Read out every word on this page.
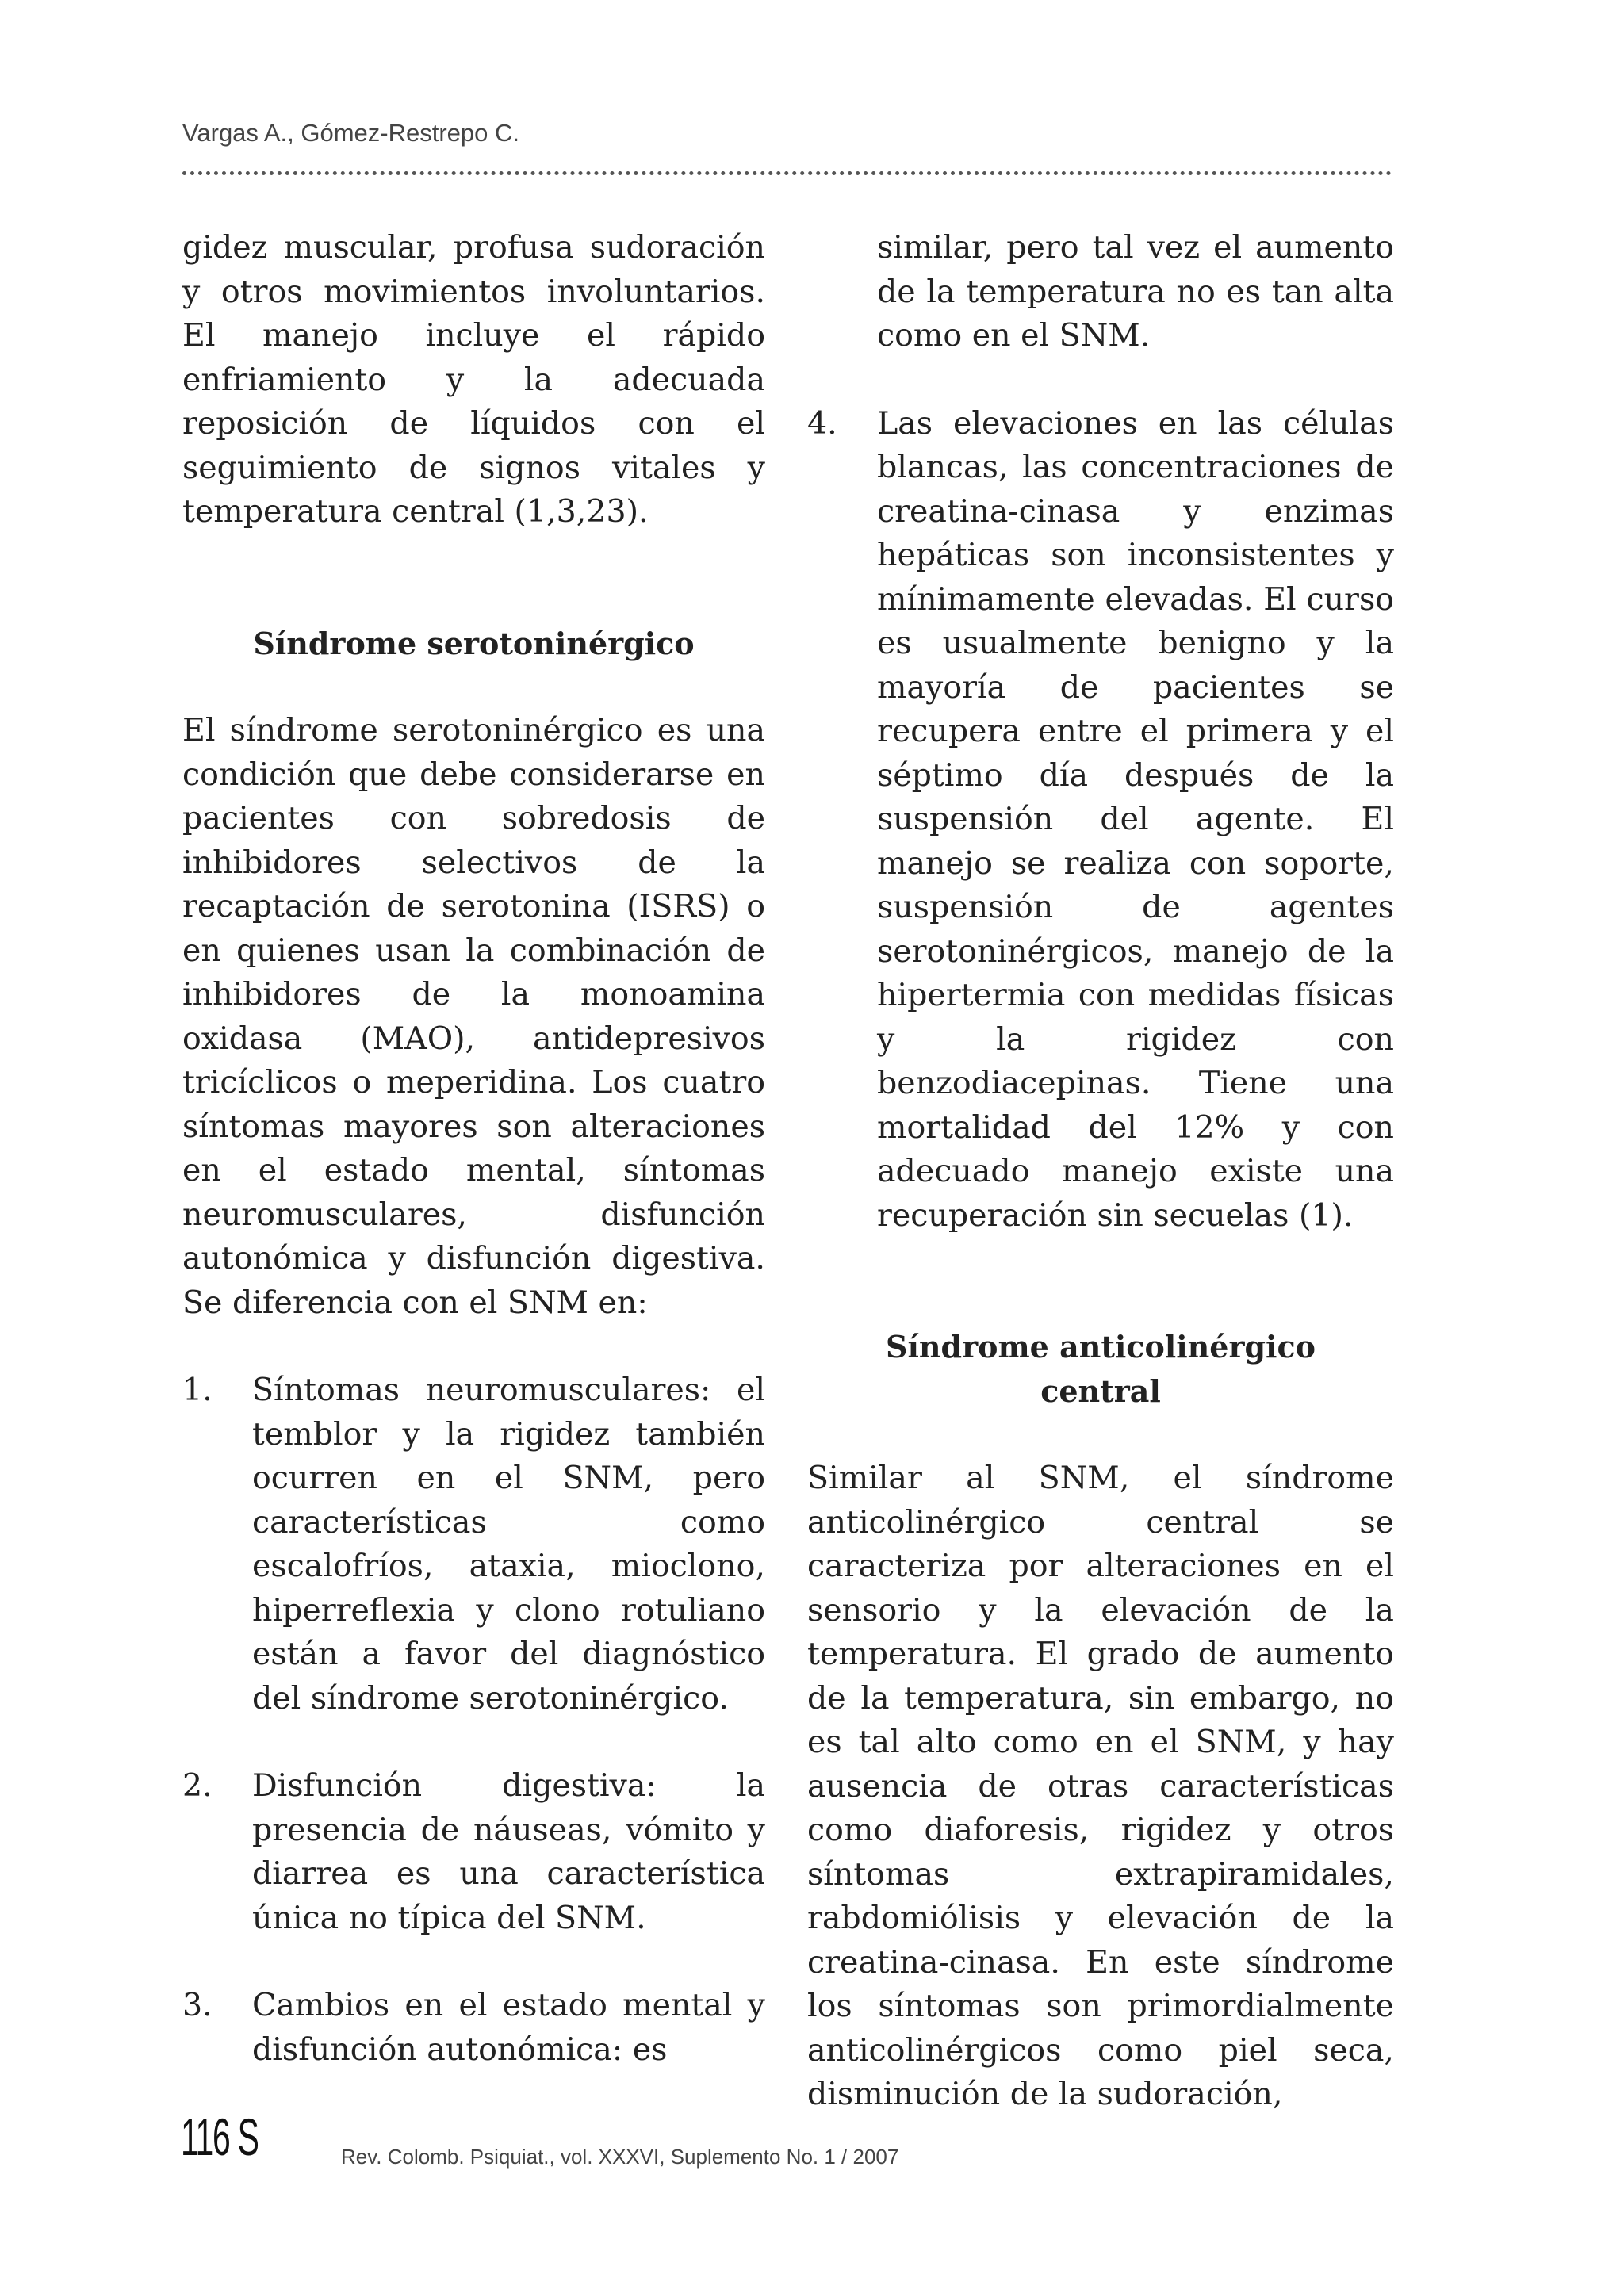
Vargas A., Gómez-Restrepo C.

gidez muscular, profusa sudoración y otros movimientos involuntarios. El manejo incluye el rápido enfriamiento y la adecuada reposición de líquidos con el seguimiento de signos vitales y temperatura central (1,3,23).

Síndrome serotoninérgico

El síndrome serotoninérgico es una condición que debe considerarse en pacientes con sobredosis de inhibidores selectivos de la recaptación de serotonina (ISRS) o en quienes usan la combinación de inhibidores de la monoamina oxidasa (MAO), antidepresivos tricíclicos o meperidina. Los cuatro síntomas mayores son alteraciones en el estado mental, síntomas neuromusculares, disfunción autonómica y disfunción digestiva. Se diferencia con el SNM en:

1. Síntomas neuromusculares: el temblor y la rigidez también ocurren en el SNM, pero características como escalofríos, ataxia, mioclono, hiperreflexia y clono rotuliano están a favor del diagnóstico del síndrome serotoninérgico.
2. Disfunción digestiva: la presencia de náuseas, vómito y diarrea es una característica única no típica del SNM.
3. Cambios en el estado mental y disfunción autonómica: es

similar, pero tal vez el aumento de la temperatura no es tan alta como en el SNM.

4. Las elevaciones en las células blancas, las concentraciones de creatina-cinasa y enzimas hepáticas son inconsistentes y mínimamente elevadas. El curso es usualmente benigno y la mayoría de pacientes se recupera entre el primera y el séptimo día después de la suspensión del agente. El manejo se realiza con soporte, suspensión de agentes serotoninérgicos, manejo de la hipertermia con medidas físicas y la rigidez con benzodiacepinas. Tiene una mortalidad del 12% y con adecuado manejo existe una recuperación sin secuelas (1).
Síndrome anticolinérgico
central

Similar al SNM, el síndrome anticolinérgico central se caracteriza por alteraciones en el sensorio y la elevación de la temperatura. El grado de aumento de la temperatura, sin embargo, no es tal alto como en el SNM, y hay ausencia de otras características como diaforesis, rigidez y otros síntomas extrapiramidales, rabdomiólisis y elevación de la creatina-cinasa. En este síndrome los síntomas son primordialmente anticolinérgicos como piel seca, disminución de la sudoración,

116 S	Rev. Colomb. Psiquiat., vol. XXXVI, Suplemento No. 1 / 2007
